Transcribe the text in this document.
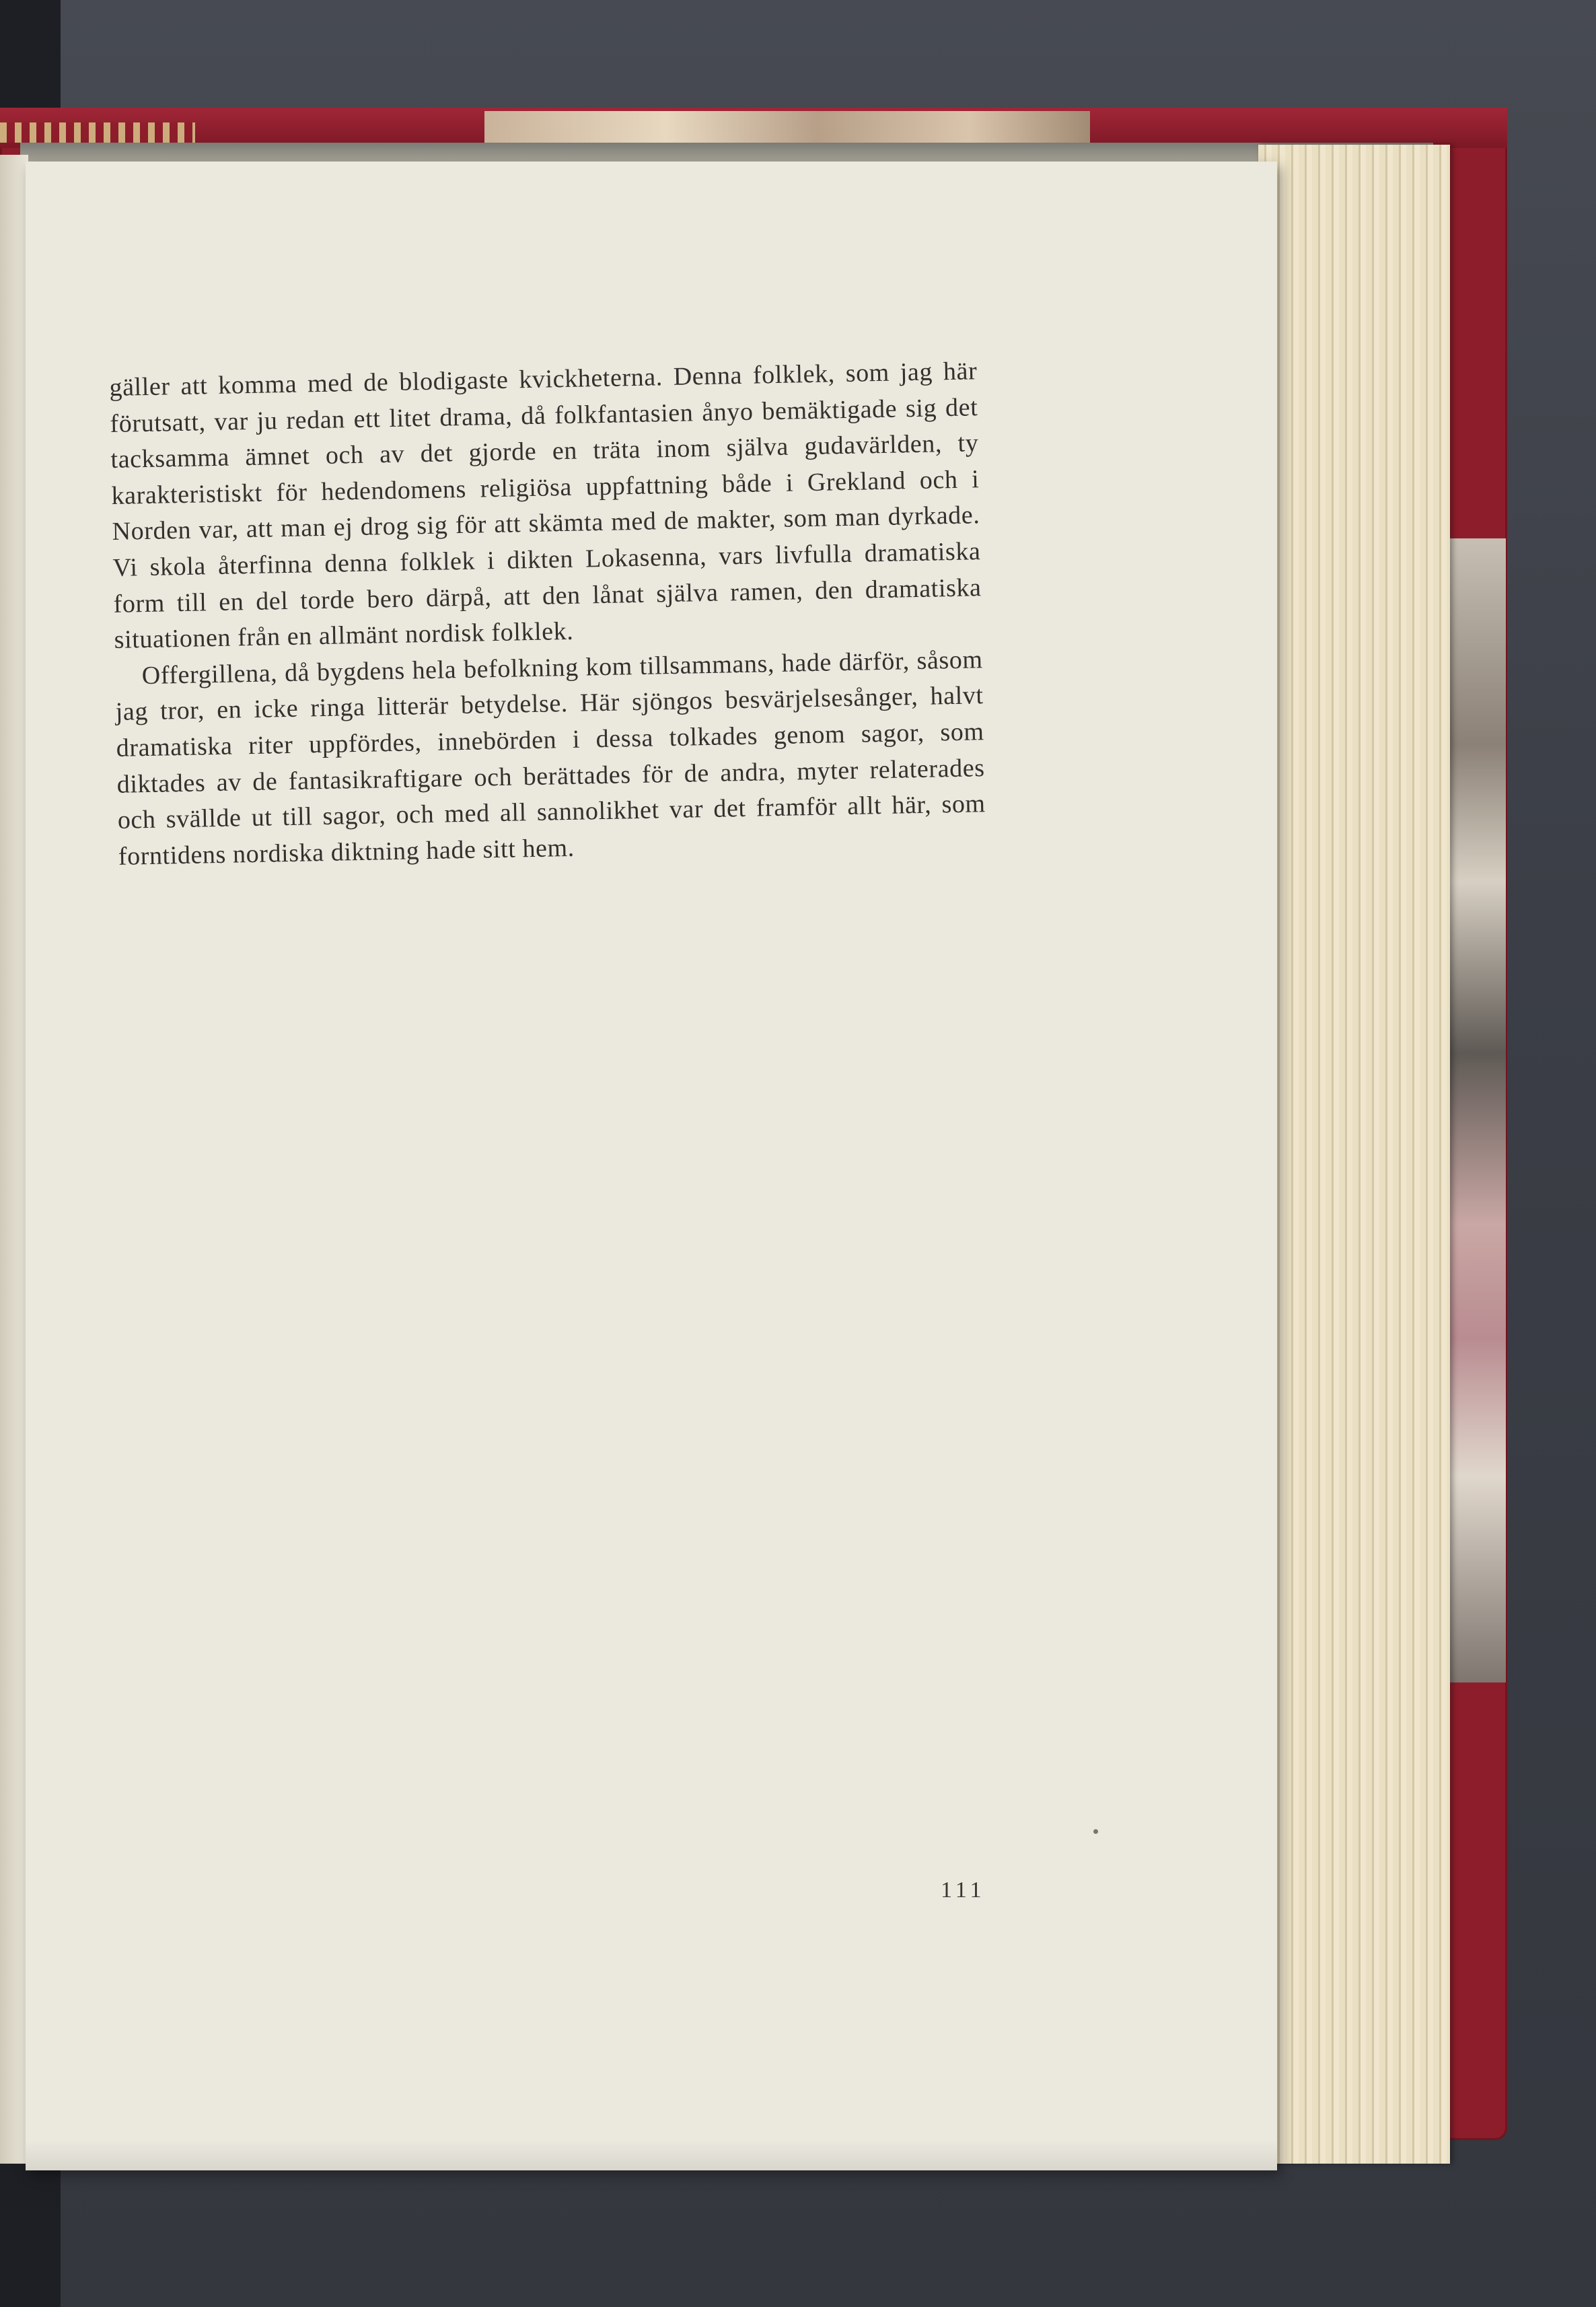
gäller att komma med de blodigaste kvickheterna. Denna folklek, som jag här förutsatt, var ju redan ett litet drama, då folkfantasien ånyo bemäktigade sig det tacksamma ämnet och av det gjorde en träta inom själva gudavärlden, ty karakteristiskt för hedendomens religiösa uppfattning både i Grekland och i Norden var, att man ej drog sig för att skämta med de makter, som man dyrkade. Vi skola återfinna denna folklek i dikten Lokasenna, vars livfulla dramatiska form till en del torde bero därpå, att den lånat själva ramen, den dramatiska situationen från en allmänt nordisk folklek.

Offergillena, då bygdens hela befolkning kom tillsammans, hade därför, såsom jag tror, en icke ringa litterär betydelse. Här sjöngos besvärjelsesånger, halvt dramatiska riter uppfördes, innebörden i dessa tolkades genom sagor, som diktades av de fantasikraftigare och berättades för de andra, myter relaterades och svällde ut till sagor, och med all sannolikhet var det framför allt här, som forntidens nordiska diktning hade sitt hem.

111
